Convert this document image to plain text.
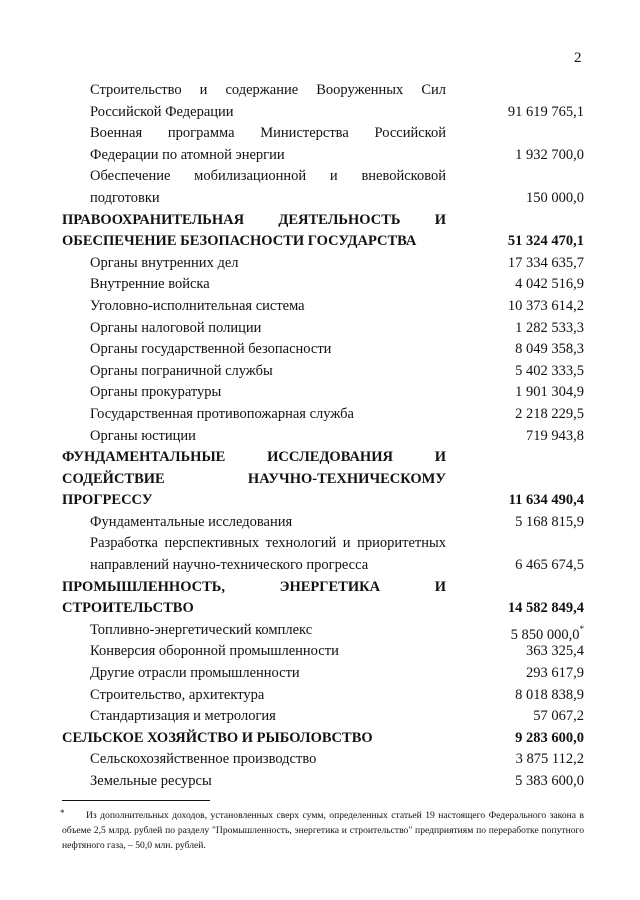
2
Строительство и содержание Вооруженных Сил
Российской Федерации	91 619 765,1
Военная программа Министерства Российской
Федерации по атомной энергии	1 932 700,0
Обеспечение мобилизационной и вневойсковой
подготовки	150 000,0
ПРАВООХРАНИТЕЛЬНАЯ ДЕЯТЕЛЬНОСТЬ И
ОБЕСПЕЧЕНИЕ БЕЗОПАСНОСТИ ГОСУДАРСТВА	51 324 470,1
Органы внутренних дел	17 334 635,7
Внутренние войска	4 042 516,9
Уголовно-исполнительная система	10 373 614,2
Органы налоговой полиции	1 282 533,3
Органы государственной безопасности	8 049 358,3
Органы пограничной службы	5 402 333,5
Органы прокуратуры	1 901 304,9
Государственная противопожарная служба	2 218 229,5
Органы юстиции	719 943,8
ФУНДАМЕНТАЛЬНЫЕ ИССЛЕДОВАНИЯ И
СОДЕЙСТВИЕ НАУЧНО-ТЕХНИЧЕСКОМУ
ПРОГРЕССУ	11 634 490,4
Фундаментальные исследования	5 168 815,9
Разработка перспективных технологий и приоритетных
направлений научно-технического прогресса	6 465 674,5
ПРОМЫШЛЕННОСТЬ, ЭНЕРГЕТИКА И
СТРОИТЕЛЬСТВО	14 582 849,4
Топливно-энергетический комплекс	5 850 000,0*
Конверсия оборонной промышленности	363 325,4
Другие отрасли промышленности	293 617,9
Строительство, архитектура	8 018 838,9
Стандартизация и метрология	57 067,2
СЕЛЬСКОЕ ХОЗЯЙСТВО И РЫБОЛОВСТВО	9 283 600,0
Сельскохозяйственное производство	3 875 112,2
Земельные ресурсы	5 383 600,0
*	Из дополнительных доходов, установленных сверх сумм, определенных статьей 19 настоящего Федерального закона в объеме 2,5 млрд. рублей по разделу "Промышленность, энергетика и строительство" предприятиям по переработке попутного нефтяного газа, – 50,0 млн. рублей.
